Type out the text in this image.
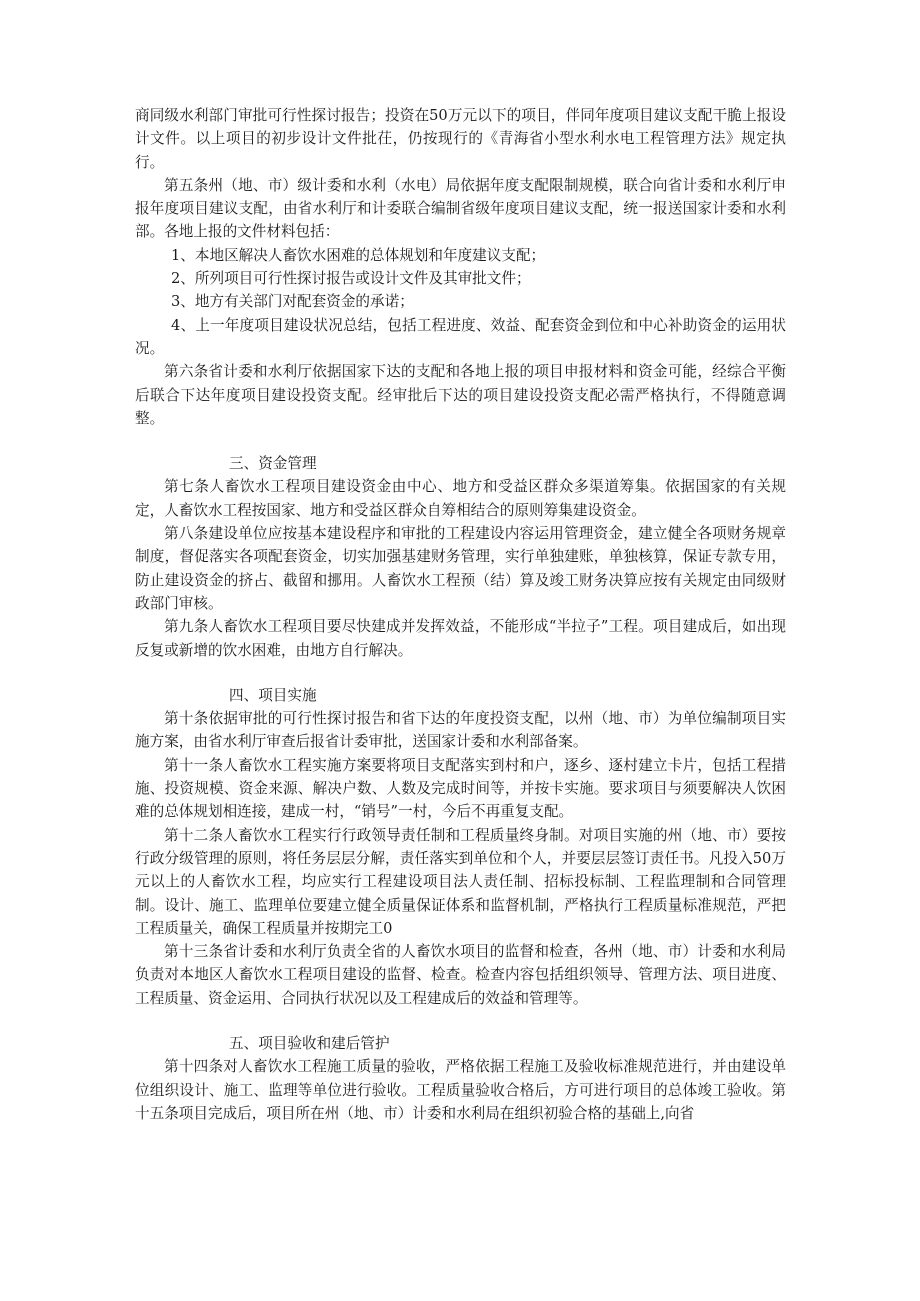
商同级水利部门审批可行性探讨报告；投资在50万元以下的项目，伴同年度项目建议支配干脆上报设计文件。以上项目的初步设计文件批茌，仍按现行的《青海省小型水利水电工程管理方法》规定执行。

第五条州（地、市）级计委和水利（水电）局依据年度支配限制规模，联合向省计委和水利厅申报年度项目建议支配，由省水利厅和计委联合编制省级年度项目建议支配，统一报送国家计委和水利部。各地上报的文件材料包括：

1、本地区解决人畜饮水困难的总体规划和年度建议支配；

2、所列项目可行性探讨报告或设计文件及其审批文件；

3、地方有关部门对配套资金的承诺；

4、上一年度项目建设状况总结，包括工程进度、效益、配套资金到位和中心补助资金的运用状况。

第六条省计委和水利厅依据国家下达的支配和各地上报的项目申报材料和资金可能，经综合平衡后联合下达年度项目建设投资支配。经审批后下达的项目建设投资支配必需严格执行，不得随意调整。

三、资金管理

第七条人畜饮水工程项目建设资金由中心、地方和受益区群众多渠道筹集。依据国家的有关规定，人畜饮水工程按国家、地方和受益区群众自筹相结合的原则筹集建设资金。

第八条建设单位应按基本建设程序和审批的工程建设内容运用管理资金，建立健全各项财务规章制度，督促落实各项配套资金，切实加强基建财务管理，实行单独建账，单独核算，保证专款专用，防止建设资金的挤占、截留和挪用。人畜饮水工程预（结）算及竣工财务决算应按有关规定由同级财政部门审核。

第九条人畜饮水工程项目要尽快建成并发挥效益，不能形成“半拉子”工程。项目建成后，如出现反复或新增的饮水困难，由地方自行解决。

四、项目实施

第十条依据审批的可行性探讨报告和省下达的年度投资支配，以州（地、市）为单位编制项目实施方案，由省水利厅审查后报省计委审批，送国家计委和水利部备案。

第十一条人畜饮水工程实施方案要将项目支配落实到村和户，逐乡、逐村建立卡片，包括工程措施、投资规模、资金来源、解决户数、人数及完成时间等，并按卡实施。要求项目与须要解决人饮困难的总体规划相连接，建成一村，“销号”一村，今后不再重复支配。

第十二条人畜饮水工程实行行政领导责任制和工程质量终身制。对项目实施的州（地、市）要按行政分级管理的原则，将任务层层分解，责任落实到单位和个人，并要层层签订责任书。凡投入50万元以上的人畜饮水工程，均应实行工程建设项目法人责任制、招标投标制、工程监理制和合同管理制。设计、施工、监理单位要建立健全质量保证体系和监督机制，严格执行工程质量标准规范，严把工程质量关，确保工程质量并按期完工0

第十三条省计委和水利厅负责全省的人畜饮水项目的监督和检查，各州（地、市）计委和水利局负责对本地区人畜饮水工程项目建设的监督、检查。检查内容包括组织领导、管理方法、项目进度、工程质量、资金运用、合同执行状况以及工程建成后的效益和管理等。

五、项目验收和建后管护

第十四条对人畜饮水工程施工质量的验收，严格依据工程施工及验收标准规范进行，并由建设单位组织设计、施工、监理等单位进行验收。工程质量验收合格后，方可进行项目的总体竣工验收。第十五条项目完成后，项目所在州（地、市）计委和水利局在组织初验合格的基础上,向省
